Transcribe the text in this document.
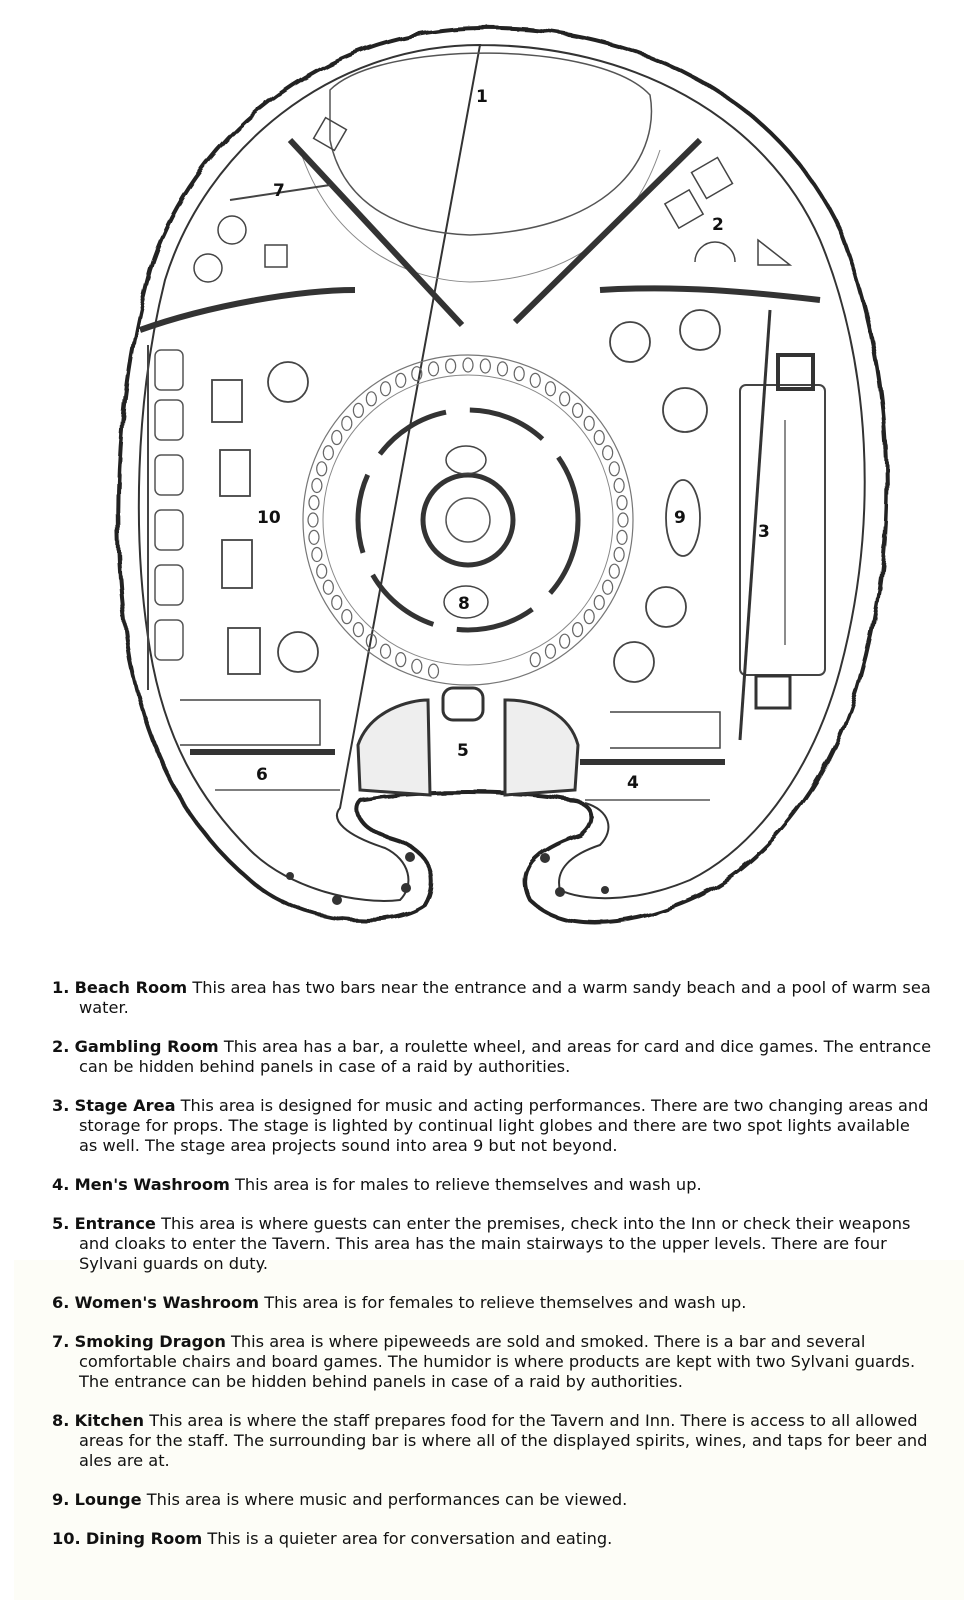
1
2
3
4
5
6
7
8
9
10
1. Beach Room This area has two bars near the entrance and a warm sandy beach and a pool of warm sea water.
2. Gambling Room This area has a bar, a roulette wheel, and areas for card and dice games. The entrance can be hidden behind panels in case of a raid by authorities.
3. Stage Area This area is designed for music and acting performances. There are two changing areas and storage for props. The stage is lighted by continual light globes and there are two spot lights available as well. The stage area projects sound into area 9 but not beyond.
4. Men's Washroom This area is for males to relieve themselves and wash up.
5. Entrance This area is where guests can enter the premises, check into the Inn or check their weapons and cloaks to enter the Tavern. This area has the main stairways to the upper levels. There are four Sylvani guards on duty.
6. Women's Washroom This area is for females to relieve themselves and wash up.
7. Smoking Dragon This area is where pipeweeds are sold and smoked. There is a bar and several comfortable chairs and board games. The humidor is where products are kept with two Sylvani guards. The entrance can be hidden behind panels in case of a raid by authorities.
8. Kitchen This area is where the staff prepares food for the Tavern and Inn. There is access to all allowed areas for the staff. The surrounding bar is where all of the displayed spirits, wines, and taps for beer and ales are at.
9. Lounge This area is where music and performances can be viewed.
10. Dining Room This is a quieter area for conversation and eating.
